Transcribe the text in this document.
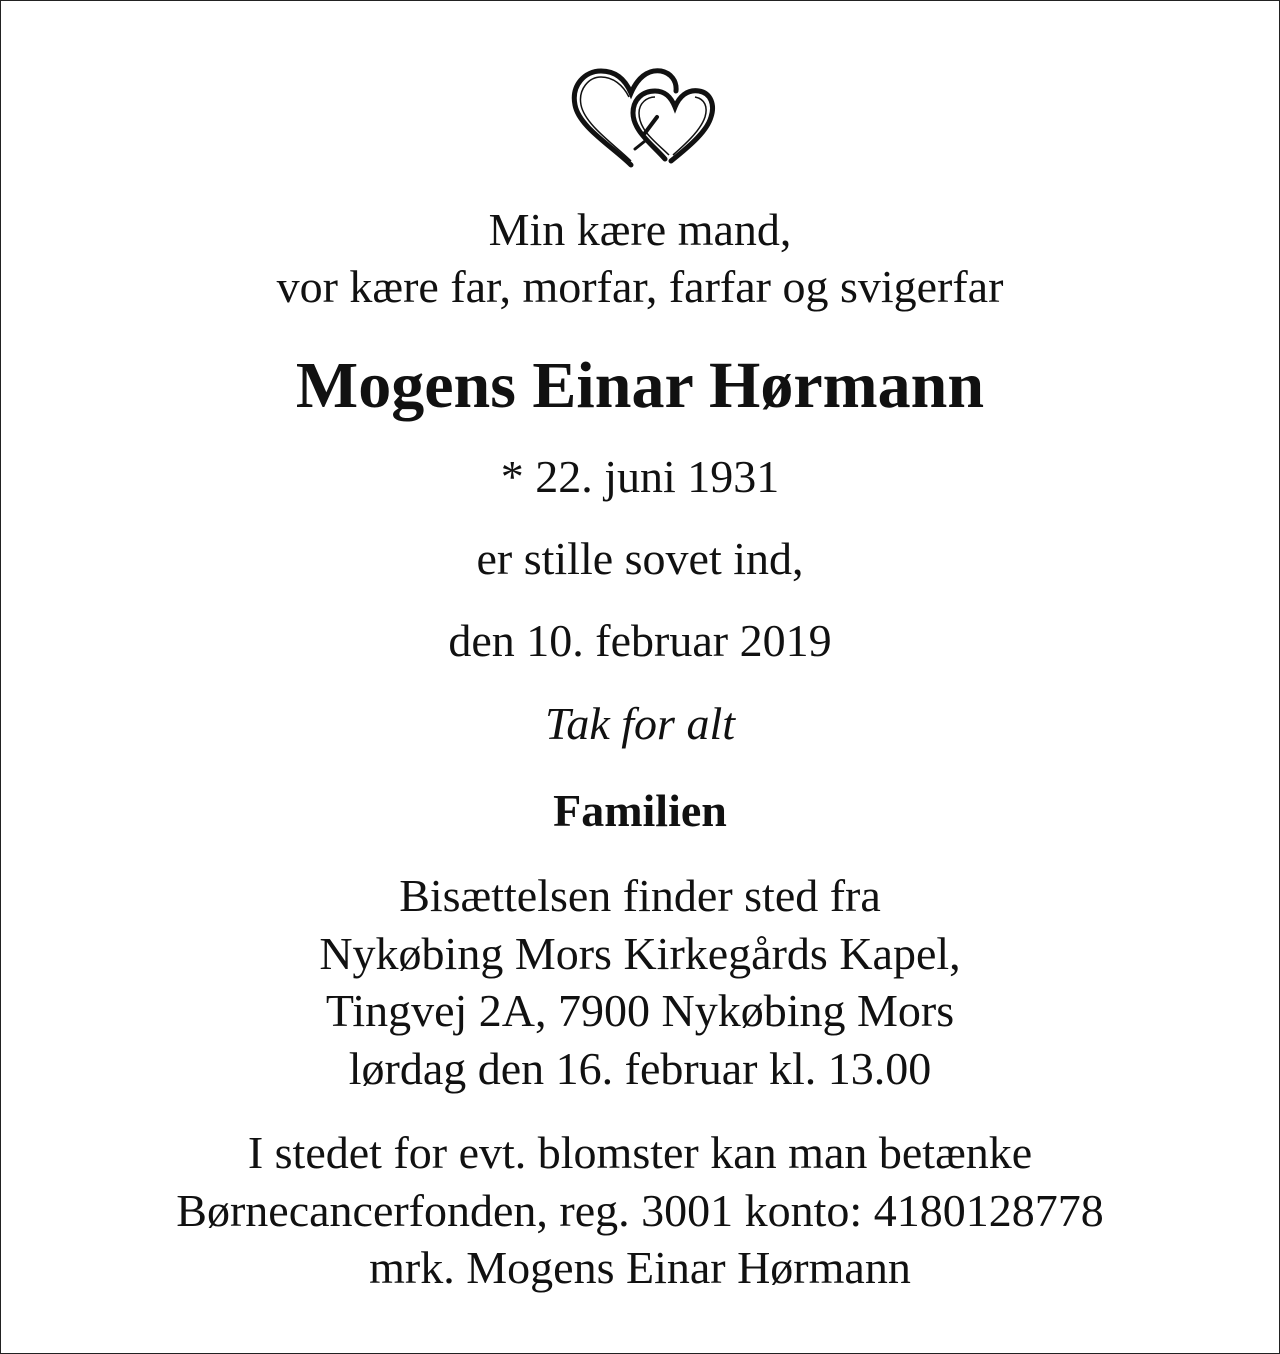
Min kære mand,
vor kære far, morfar, farfar og svigerfar
Mogens Einar Hørmann
* 22. juni 1931
er stille sovet ind,
den 10. februar 2019
Tak for alt
Familien
Bisættelsen finder sted fra
Nykøbing Mors Kirkegårds Kapel,
Tingvej 2A, 7900 Nykøbing Mors
lørdag den 16. februar kl. 13.00
I stedet for evt. blomster kan man betænke
Børnecancerfonden, reg. 3001 konto: 4180128778
mrk. Mogens Einar Hørmann
